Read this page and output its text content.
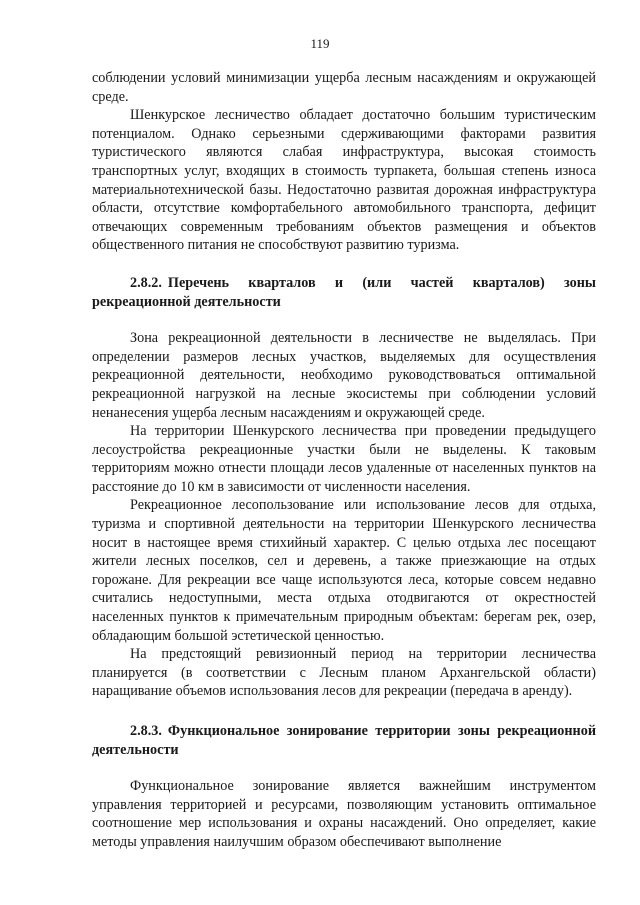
119

соблюдении условий минимизации ущерба лесным насаждениям и окружающей среде.

Шенкурское лесничество обладает достаточно большим туристическим потенциалом. Однако серьезными сдерживающими факторами развития туристического являются слабая инфраструктура, высокая стоимость транспортных услуг, входящих в стоимость турпакета, большая степень износа материальнотехнической базы. Недостаточно развитая дорожная инфраструктура области, отсутствие комфортабельного автомобильного транспорта, дефицит отвечающих современным требованиям объектов размещения и объектов общественного питания не способствуют развитию туризма.

2.8.2. Перечень кварталов и (или частей кварталов) зоны рекреационной деятельности

Зона рекреационной деятельности в лесничестве не выделялась. При определении размеров лесных участков, выделяемых для осуществления рекреационной деятельности, необходимо руководствоваться оптимальной рекреационной нагрузкой на лесные экосистемы при соблюдении условий ненанесения ущерба лесным насаждениям и окружающей среде.

На территории Шенкурского лесничества при проведении предыдущего лесоустройства рекреационные участки были не выделены. К таковым территориям можно отнести площади лесов удаленные от населенных пунктов на расстояние до 10 км в зависимости от численности населения.

Рекреационное лесопользование или использование лесов для отдыха, туризма и спортивной деятельности на территории Шенкурского лесничества носит в настоящее время стихийный характер. С целью отдыха лес посещают жители лесных поселков, сел и деревень, а также приезжающие на отдых горожане. Для рекреации все чаще используются леса, которые совсем недавно считались недоступными, места отдыха отодвигаются от окрестностей населенных пунктов к примечательным природным объектам: берегам рек, озер, обладающим большой эстетической ценностью.

На предстоящий ревизионный период на территории лесничества планируется (в соответствии с Лесным планом Архангельской области) наращивание объемов использования лесов для рекреации (передача в аренду).

2.8.3. Функциональное зонирование территории зоны рекреационной деятельности

Функциональное зонирование является важнейшим инструментом управления территорией и ресурсами, позволяющим установить оптимальное соотношение мер использования и охраны насаждений. Оно определяет, какие методы управления наилучшим образом обеспечивают выполнение
